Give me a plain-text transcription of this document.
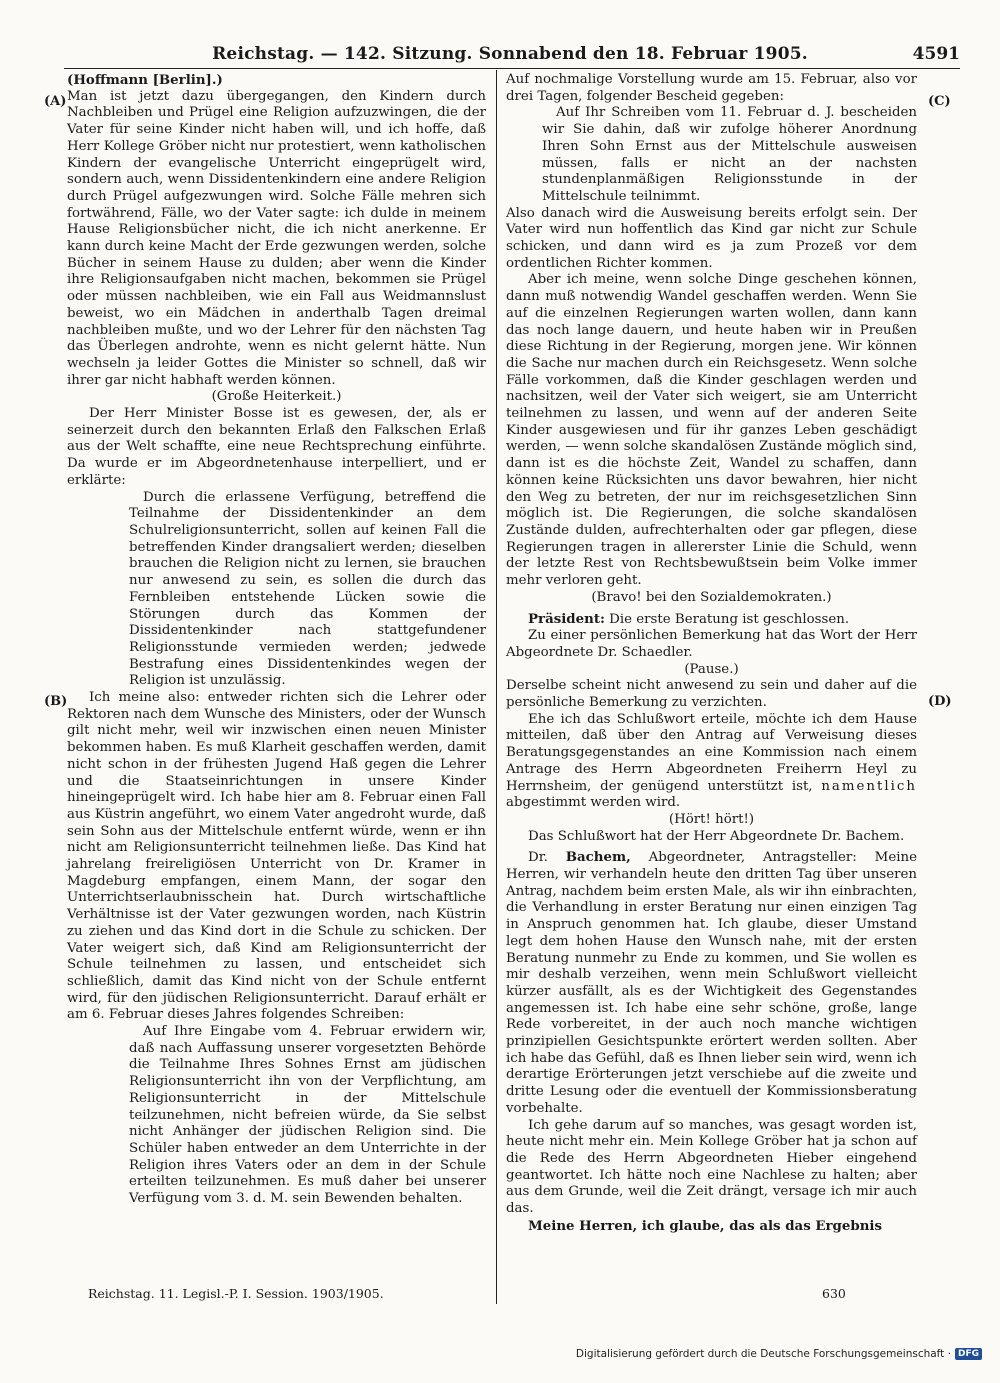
Reichstag. — 142. Sitzung. Sonnabend den 18. Februar 1905.	4591
(A)
(B)
(C)
(D)

(Hoffmann [Berlin].)

Man ist jetzt dazu übergegangen, den Kindern durch Nachbleiben und Prügel eine Religion aufzuzwingen, die der Vater für seine Kinder nicht haben will, und ich hoffe, daß Herr Kollege Gröber nicht nur protestiert, wenn katholischen Kindern der evangelische Unterricht eingeprügelt wird, sondern auch, wenn Dissidentenkindern eine andere Religion durch Prügel aufgezwungen wird. Solche Fälle mehren sich fortwährend, Fälle, wo der Vater sagte: ich dulde in meinem Hause Religionsbücher nicht, die ich nicht anerkenne. Er kann durch keine Macht der Erde gezwungen werden, solche Bücher in seinem Hause zu dulden; aber wenn die Kinder ihre Religionsaufgaben nicht machen, bekommen sie Prügel oder müssen nachbleiben, wie ein Fall aus Weidmannslust beweist, wo ein Mädchen in anderthalb Tagen dreimal nachbleiben mußte, und wo der Lehrer für den nächsten Tag das Überlegen androhte, wenn es nicht gelernt hätte. Nun wechseln ja leider Gottes die Minister so schnell, daß wir ihrer gar nicht habhaft werden können.

(Große Heiterkeit.)

Der Herr Minister Bosse ist es gewesen, der, als er seinerzeit durch den bekannten Erlaß den Falkschen Erlaß aus der Welt schaffte, eine neue Rechtsprechung einführte. Da wurde er im Abgeordnetenhause interpelliert, und er erklärte:

Durch die erlassene Verfügung, betreffend die Teilnahme der Dissidentenkinder an dem Schulreligionsunterricht, sollen auf keinen Fall die betreffenden Kinder drangsaliert werden; dieselben brauchen die Religion nicht zu lernen, sie brauchen nur anwesend zu sein, es sollen die durch das Fernbleiben entstehende Lücken sowie die Störungen durch das Kommen der Dissidentenkinder nach stattgefundener Religionsstunde vermieden werden; jedwede Bestrafung eines Dissidentenkindes wegen der Religion ist unzulässig.

Ich meine also: entweder richten sich die Lehrer oder Rektoren nach dem Wunsche des Ministers, oder der Wunsch gilt nicht mehr, weil wir inzwischen einen neuen Minister bekommen haben. Es muß Klarheit geschaffen werden, damit nicht schon in der frühesten Jugend Haß gegen die Lehrer und die Staatseinrichtungen in unsere Kinder hineingeprügelt wird. Ich habe hier am 8. Februar einen Fall aus Küstrin angeführt, wo einem Vater angedroht wurde, daß sein Sohn aus der Mittelschule entfernt würde, wenn er ihn nicht am Religionsunterricht teilnehmen ließe. Das Kind hat jahrelang freireligiösen Unterricht von Dr. Kramer in Magdeburg empfangen, einem Mann, der sogar den Unterrichtserlaubnisschein hat. Durch wirtschaftliche Verhältnisse ist der Vater gezwungen worden, nach Küstrin zu ziehen und das Kind dort in die Schule zu schicken. Der Vater weigert sich, daß Kind am Religionsunterricht der Schule teilnehmen zu lassen, und entscheidet sich schließlich, damit das Kind nicht von der Schule entfernt wird, für den jüdischen Religionsunterricht. Darauf erhält er am 6. Februar dieses Jahres folgendes Schreiben:

Auf Ihre Eingabe vom 4. Februar erwidern wir, daß nach Auffassung unserer vorgesetzten Behörde die Teilnahme Ihres Sohnes Ernst am jüdischen Religionsunterricht ihn von der Verpflichtung, am Religionsunterricht in der Mittelschule teilzunehmen, nicht befreien würde, da Sie selbst nicht Anhänger der jüdischen Religion sind. Die Schüler haben entweder an dem Unterrichte in der Religion ihres Vaters oder an dem in der Schule erteilten teilzunehmen. Es muß daher bei unserer Verfügung vom 3. d. M. sein Bewenden behalten.

Auf nochmalige Vorstellung wurde am 15. Februar, also vor drei Tagen, folgender Bescheid gegeben:

Auf Ihr Schreiben vom 11. Februar d. J. bescheiden wir Sie dahin, daß wir zufolge höherer Anordnung Ihren Sohn Ernst aus der Mittelschule ausweisen müssen, falls er nicht an der nachsten stundenplanmäßigen Religionsstunde in der Mittelschule teilnimmt.

Also danach wird die Ausweisung bereits erfolgt sein. Der Vater wird nun hoffentlich das Kind gar nicht zur Schule schicken, und dann wird es ja zum Prozeß vor dem ordentlichen Richter kommen.

Aber ich meine, wenn solche Dinge geschehen können, dann muß notwendig Wandel geschaffen werden. Wenn Sie auf die einzelnen Regierungen warten wollen, dann kann das noch lange dauern, und heute haben wir in Preußen diese Richtung in der Regierung, morgen jene. Wir können die Sache nur machen durch ein Reichsgesetz. Wenn solche Fälle vorkommen, daß die Kinder geschlagen werden und nachsitzen, weil der Vater sich weigert, sie am Unterricht teilnehmen zu lassen, und wenn auf der anderen Seite Kinder ausgewiesen und für ihr ganzes Leben geschädigt werden, — wenn solche skandalösen Zustände möglich sind, dann ist es die höchste Zeit, Wandel zu schaffen, dann können keine Rücksichten uns davor bewahren, hier nicht den Weg zu betreten, der nur im reichsgesetzlichen Sinn möglich ist. Die Regierungen, die solche skandalösen Zustände dulden, aufrechterhalten oder gar pflegen, diese Regierungen tragen in allererster Linie die Schuld, wenn der letzte Rest von Rechtsbewußtsein beim Volke immer mehr verloren geht.

(Bravo! bei den Sozialdemokraten.)

Präsident: Die erste Beratung ist geschlossen.

Zu einer persönlichen Bemerkung hat das Wort der Herr Abgeordnete Dr. Schaedler.

(Pause.)

Derselbe scheint nicht anwesend zu sein und daher auf die persönliche Bemerkung zu verzichten.

Ehe ich das Schlußwort erteile, möchte ich dem Hause mitteilen, daß über den Antrag auf Verweisung dieses Beratungsgegenstandes an eine Kommission nach einem Antrage des Herrn Abgeordneten Freiherrn Heyl zu Herrnsheim, der genügend unterstützt ist, namentlich abgestimmt werden wird.

(Hört! hört!)

Das Schlußwort hat der Herr Abgeordnete Dr. Bachem.

Dr. Bachem, Abgeordneter, Antragsteller: Meine Herren, wir verhandeln heute den dritten Tag über unseren Antrag, nachdem beim ersten Male, als wir ihn einbrachten, die Verhandlung in erster Beratung nur einen einzigen Tag in Anspruch genommen hat. Ich glaube, dieser Umstand legt dem hohen Hause den Wunsch nahe, mit der ersten Beratung nunmehr zu Ende zu kommen, und Sie wollen es mir deshalb verzeihen, wenn mein Schlußwort vielleicht kürzer ausfällt, als es der Wichtigkeit des Gegenstandes angemessen ist. Ich habe eine sehr schöne, große, lange Rede vorbereitet, in der auch noch manche wichtigen prinzipiellen Gesichtspunkte erörtert werden sollten. Aber ich habe das Gefühl, daß es Ihnen lieber sein wird, wenn ich derartige Erörterungen jetzt verschiebe auf die zweite und dritte Lesung oder die eventuell der Kommissionsberatung vorbehalte.

Ich gehe darum auf so manches, was gesagt worden ist, heute nicht mehr ein. Mein Kollege Gröber hat ja schon auf die Rede des Herrn Abgeordneten Hieber eingehend geantwortet. Ich hätte noch eine Nachlese zu halten; aber aus dem Grunde, weil die Zeit drängt, versage ich mir auch das.

Meine Herren, ich glaube, das als das Ergebnis

Reichstag. 11. Legisl.-P. I. Session. 1903/1905.	630
Digitalisierung gefördert durch die Deutsche Forschungsgemeinschaft · DFG
